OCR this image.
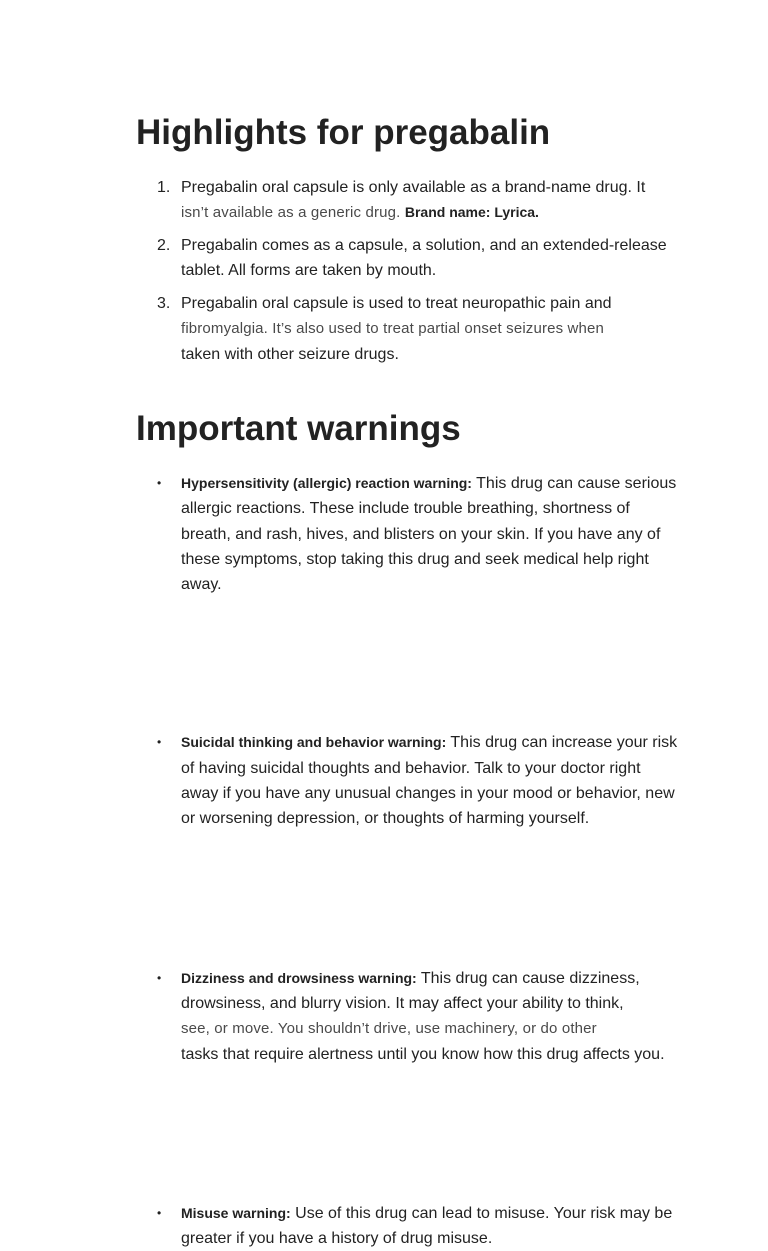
Highlights for pregabalin
1. Pregabalin oral capsule is only available as a brand-name drug. It
isn’t available as a generic drug. Brand name: Lyrica.
2. Pregabalin comes as a capsule, a solution, and an extended-release tablet. All forms are taken by mouth.
3. Pregabalin oral capsule is used to treat neuropathic pain and
fibromyalgia. It’s also used to treat partial onset seizures when
taken with other seizure drugs.
Important warnings
• Hypersensitivity (allergic) reaction warning: This drug can cause serious allergic reactions. These include trouble breathing, shortness of breath, and rash, hives, and blisters on your skin. If you have any of these symptoms, stop taking this drug and seek medical help right away.
• Suicidal thinking and behavior warning: This drug can increase your risk of having suicidal thoughts and behavior. Talk to your doctor right away if you have any unusual changes in your mood or behavior, new or worsening depression, or thoughts of harming yourself.
• Dizziness and drowsiness warning: This drug can cause dizziness, drowsiness, and blurry vision. It may affect your ability to think,
see, or move. You shouldn’t drive, use machinery, or do other
tasks that require alertness until you know how this drug affects you.
• Misuse warning: Use of this drug can lead to misuse. Your risk may be greater if you have a history of drug misuse.
